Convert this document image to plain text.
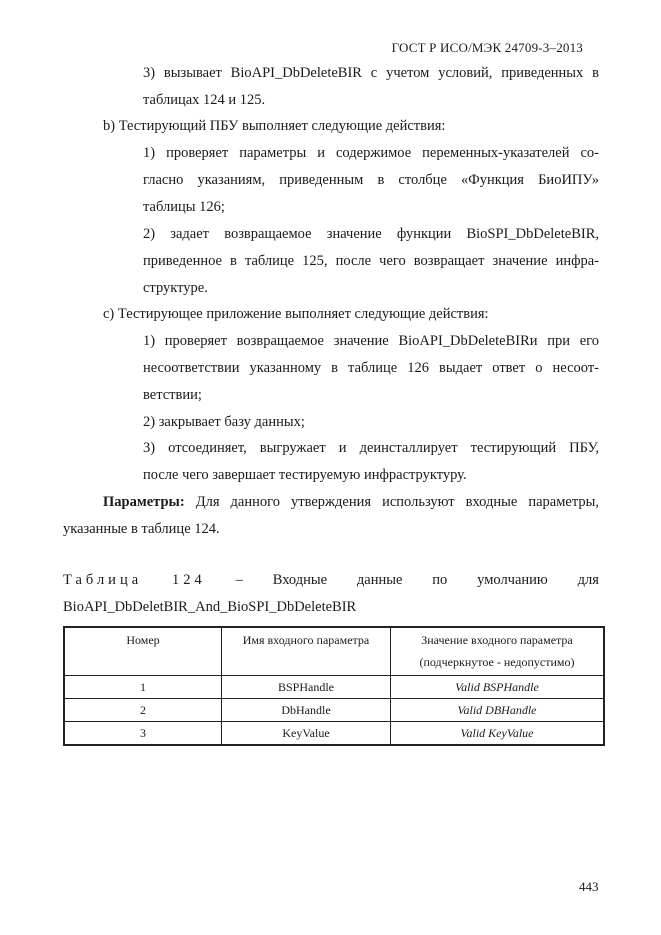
ГОСТ Р ИСО/МЭК 24709-3–2013
3) вызывает BioAPI_DbDeleteBIR с учетом условий, приведенных в
таблицах 124 и 125.
b) Тестирующий ПБУ выполняет следующие действия:
1) проверяет параметры и содержимое переменных-указателей со-
гласно указаниям, приведенным в столбце «Функция БиоИПУ»
таблицы 126;
2) задает возвращаемое значение функции BioSPI_DbDeleteBIR,
приведенное в таблице 125, после чего возвращает значение инфра-
структуре.
c) Тестирующее приложение выполняет следующие действия:
1) проверяет возвращаемое значение BioAPI_DbDeleteBIRи при его
несоответствии указанному в таблице 126 выдает ответ о несоот-
ветствии;
2) закрывает базу данных;
3) отсоединяет, выгружает и деинсталлирует тестирующий ПБУ,
после чего завершает тестируемую инфраструктуру.
Параметры: Для данного утверждения используют входные параметры,
указанные в таблице 124.
Таблица 124 – Входные данные по умолчанию для
BioAPI_DbDeletBIR_And_BioSPI_DbDeleteBIR
Номер	Имя входного параметра	Значение входного параметра
(подчеркнутое - недопустимо)

1	BSPHandle	Valid BSPHandle
2	DbHandle	Valid DBHandle
3	KeyValue	Valid KeyValue
443
